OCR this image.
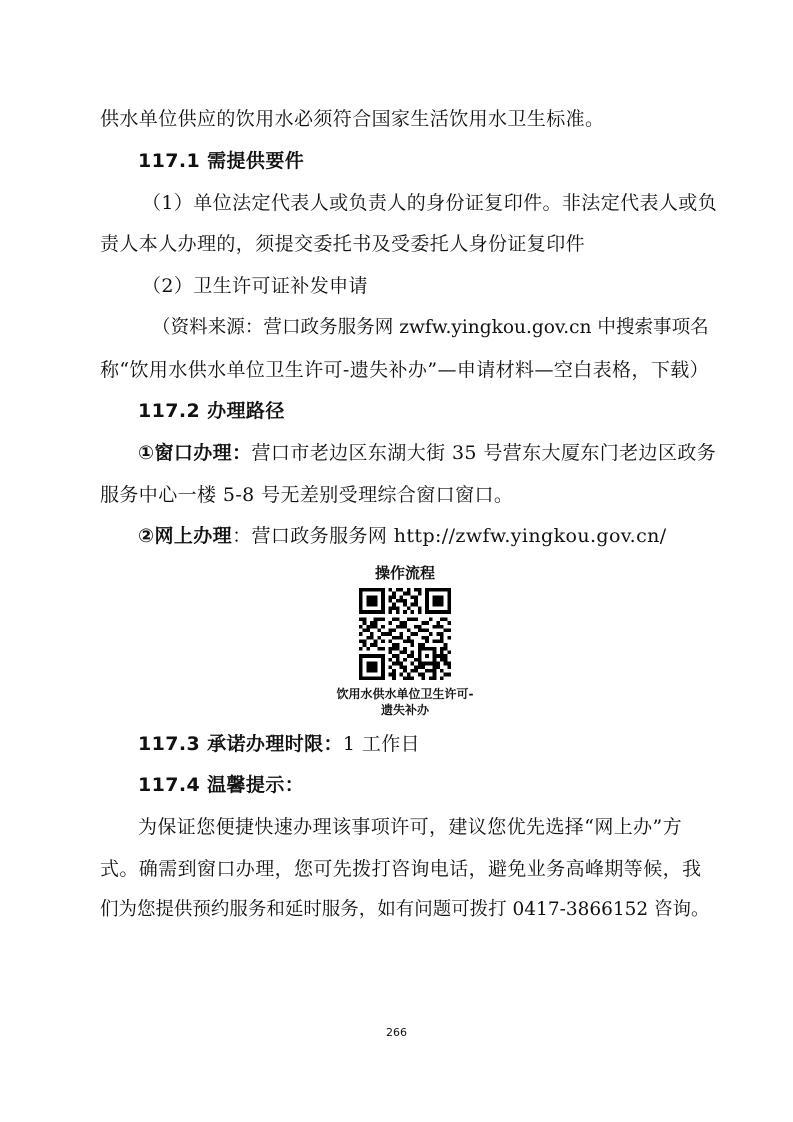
供水单位供应的饮用水必须符合国家生活饮用水卫生标准。
117.1 需提供要件
（1）单位法定代表人或负责人的身份证复印件。非法定代表人或负
责人本人办理的，须提交委托书及受委托人身份证复印件
（2）卫生许可证补发申请
（资料来源：营口政务服务网 zwfw.yingkou.gov.cn 中搜索事项名
称“饮用水供水单位卫生许可-遗失补办”—申请材料—空白表格，下载）
117.2 办理路径
①窗口办理：营口市老边区东湖大街 35 号营东大厦东门老边区政务
服务中心一楼 5-8 号无差别受理综合窗口窗口。
②网上办理：营口政务服务网 http://zwfw.yingkou.gov.cn/
操作流程
饮用水供水单位卫生许可-
遗失补办
117.3 承诺办理时限：1 工作日
117.4 温馨提示：
为保证您便捷快速办理该事项许可，建议您优先选择“网上办”方
式。确需到窗口办理，您可先拨打咨询电话，避免业务高峰期等候，我
们为您提供预约服务和延时服务，如有问题可拨打 0417-3866152 咨询。
266
